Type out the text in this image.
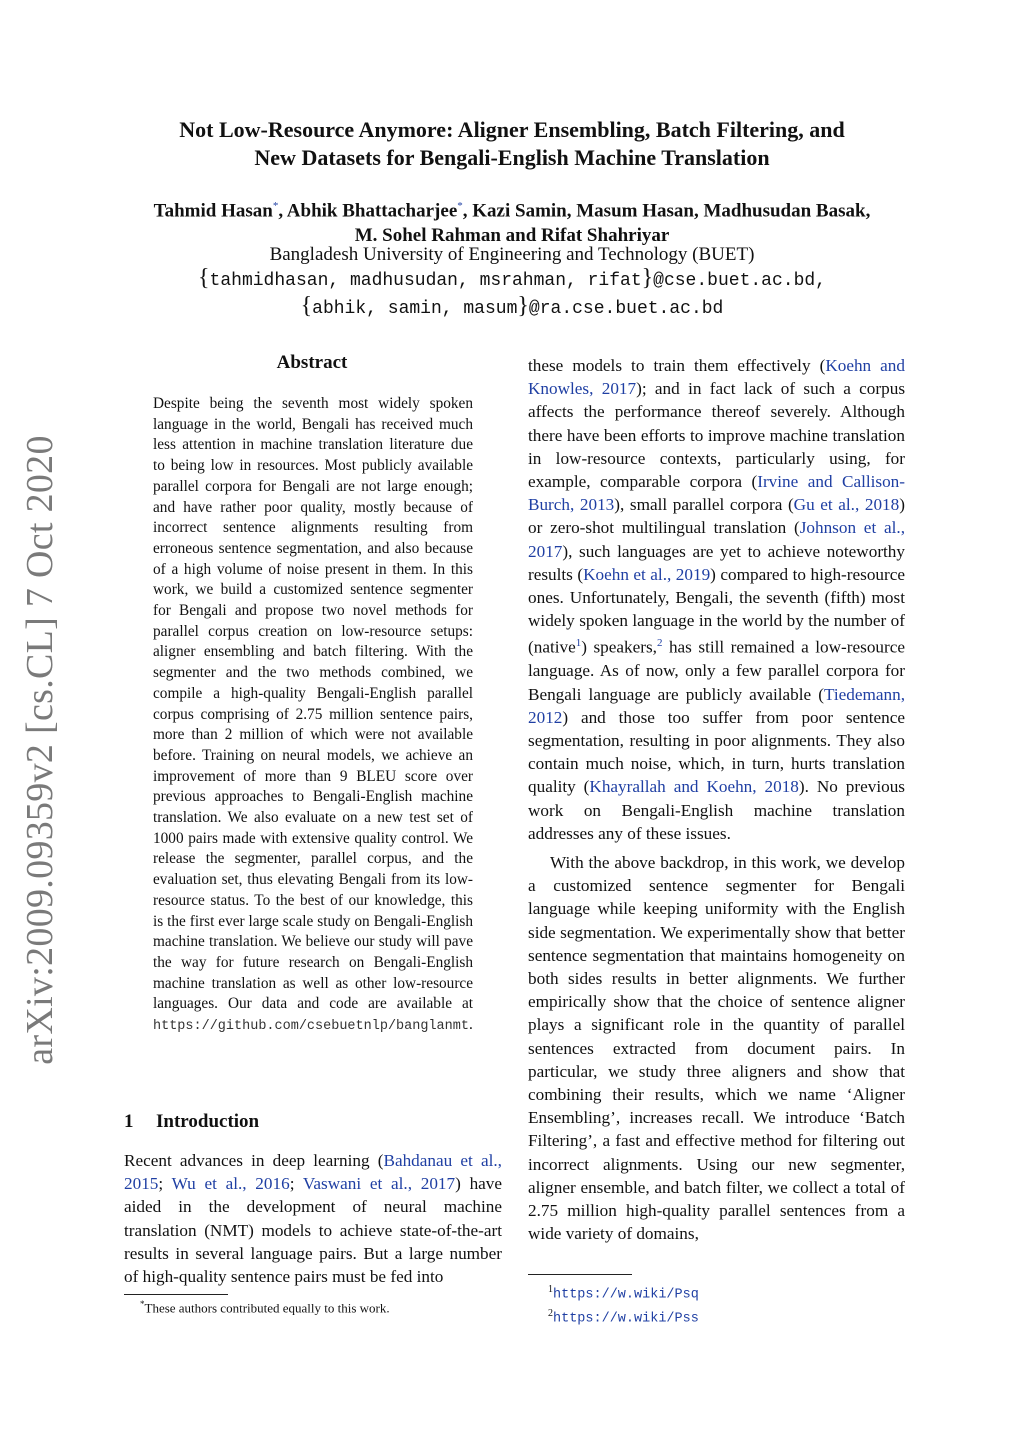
arXiv:2009.09359v2 [cs.CL] 7 Oct 2020
Not Low-Resource Anymore: Aligner Ensembling, Batch Filtering, and
New Datasets for Bengali-English Machine Translation
Tahmid Hasan*, Abhik Bhattacharjee*, Kazi Samin, Masum Hasan, Madhusudan Basak,
M. Sohel Rahman and Rifat Shahriyar
Bangladesh University of Engineering and Technology (BUET)
{tahmidhasan, madhusudan, msrahman, rifat}@cse.buet.ac.bd,
{abhik, samin, masum}@ra.cse.buet.ac.bd
Abstract
Despite being the seventh most widely spoken language in the world, Bengali has received much less attention in machine translation literature due to being low in resources. Most publicly available parallel corpora for Bengali are not large enough; and have rather poor quality, mostly because of incorrect sentence alignments resulting from erroneous sentence segmentation, and also because of a high volume of noise present in them. In this work, we build a customized sentence segmenter for Bengali and propose two novel methods for parallel corpus creation on low-resource setups: aligner ensembling and batch filtering. With the segmenter and the two methods combined, we compile a high-quality Bengali-English parallel corpus comprising of 2.75 million sentence pairs, more than 2 million of which were not available before. Training on neural models, we achieve an improvement of more than 9 BLEU score over previous approaches to Bengali-English machine translation. We also evaluate on a new test set of 1000 pairs made with extensive quality control. We release the segmenter, parallel corpus, and the evaluation set, thus elevating Bengali from its low-resource status. To the best of our knowledge, this is the first ever large scale study on Bengali-English machine translation. We believe our study will pave the way for future research on Bengali-English machine translation as well as other low-resource languages. Our data and code are available at https://github.com/csebuetnlp/banglanmt.
1 Introduction
Recent advances in deep learning (Bahdanau et al., 2015; Wu et al., 2016; Vaswani et al., 2017) have aided in the development of neural machine translation (NMT) models to achieve state-of-the-art results in several language pairs. But a large number of high-quality sentence pairs must be fed into

these models to train them effectively (Koehn and Knowles, 2017); and in fact lack of such a corpus affects the performance thereof severely. Although there have been efforts to improve machine translation in low-resource contexts, particularly using, for example, comparable corpora (Irvine and Callison-Burch, 2013), small parallel corpora (Gu et al., 2018) or zero-shot multilingual translation (Johnson et al., 2017), such languages are yet to achieve noteworthy results (Koehn et al., 2019) compared to high-resource ones. Unfortunately, Bengali, the seventh (fifth) most widely spoken language in the world by the number of (native$^1$) speakers,$^2$ has still remained a low-resource language. As of now, only a few parallel corpora for Bengali language are publicly available (Tiedemann, 2012) and those too suffer from poor sentence segmentation, resulting in poor alignments. They also contain much noise, which, in turn, hurts translation quality (Khayrallah and Koehn, 2018). No previous work on Bengali-English machine translation addresses any of these issues.

With the above backdrop, in this work, we develop a customized sentence segmenter for Bengali language while keeping uniformity with the English side segmentation. We experimentally show that better sentence segmentation that maintains homogeneity on both sides results in better alignments. We further empirically show that the choice of sentence aligner plays a significant role in the quantity of parallel sentences extracted from document pairs. In particular, we study three aligners and show that combining their results, which we name ‘Aligner Ensembling’, increases recall. We introduce ‘Batch Filtering’, a fast and effective method for filtering out incorrect alignments. Using our new segmenter, aligner ensemble, and batch filter, we collect a total of 2.75 million high-quality parallel sentences from a wide variety of domains,

*These authors contributed equally to this work.
$^1$https://w.wiki/Psq
$^2$https://w.wiki/Pss
